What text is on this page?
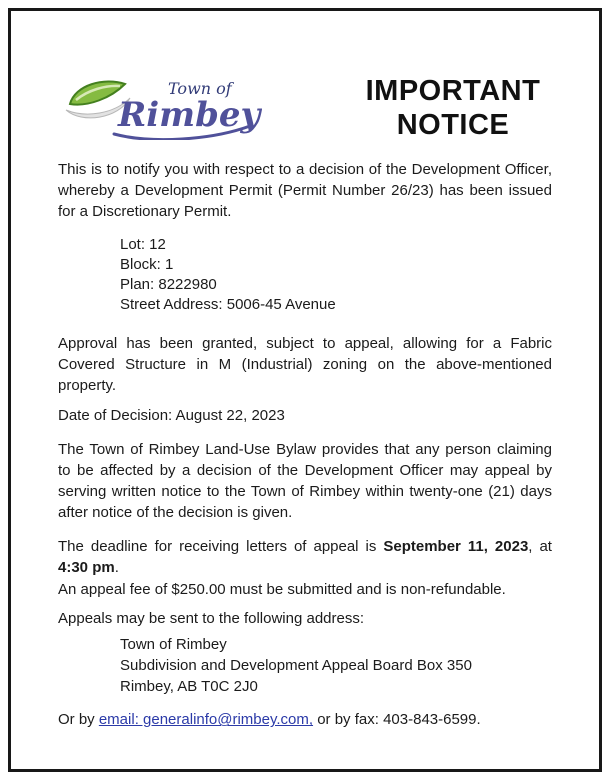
Town of
Rimbey
IMPORTANT
NOTICE

This is to notify you with respect to a decision of the Development Officer, whereby a Development Permit (Permit Number 26/23) has been issued for a Discretionary Permit.

Lot: 12
Block: 1
Plan: 8222980
Street Address: 5006-45 Avenue

Approval has been granted, subject to appeal, allowing for a Fabric Covered Structure in M (Industrial) zoning on the above-mentioned property.

Date of Decision: August 22, 2023

The Town of Rimbey Land-Use Bylaw provides that any person claiming to be affected by a decision of the Development Officer may appeal by serving written notice to the Town of Rimbey within twenty-one (21) days after notice of the decision is given.

The deadline for receiving letters of appeal is September 11, 2023, at 4:30 pm.

An appeal fee of $250.00 must be submitted and is non-refundable.

Appeals may be sent to the following address:

Town of Rimbey
Subdivision and Development Appeal Board Box 350
Rimbey, AB T0C 2J0

Or by email: generalinfo@rimbey.com, or by fax: 403-843-6599.
